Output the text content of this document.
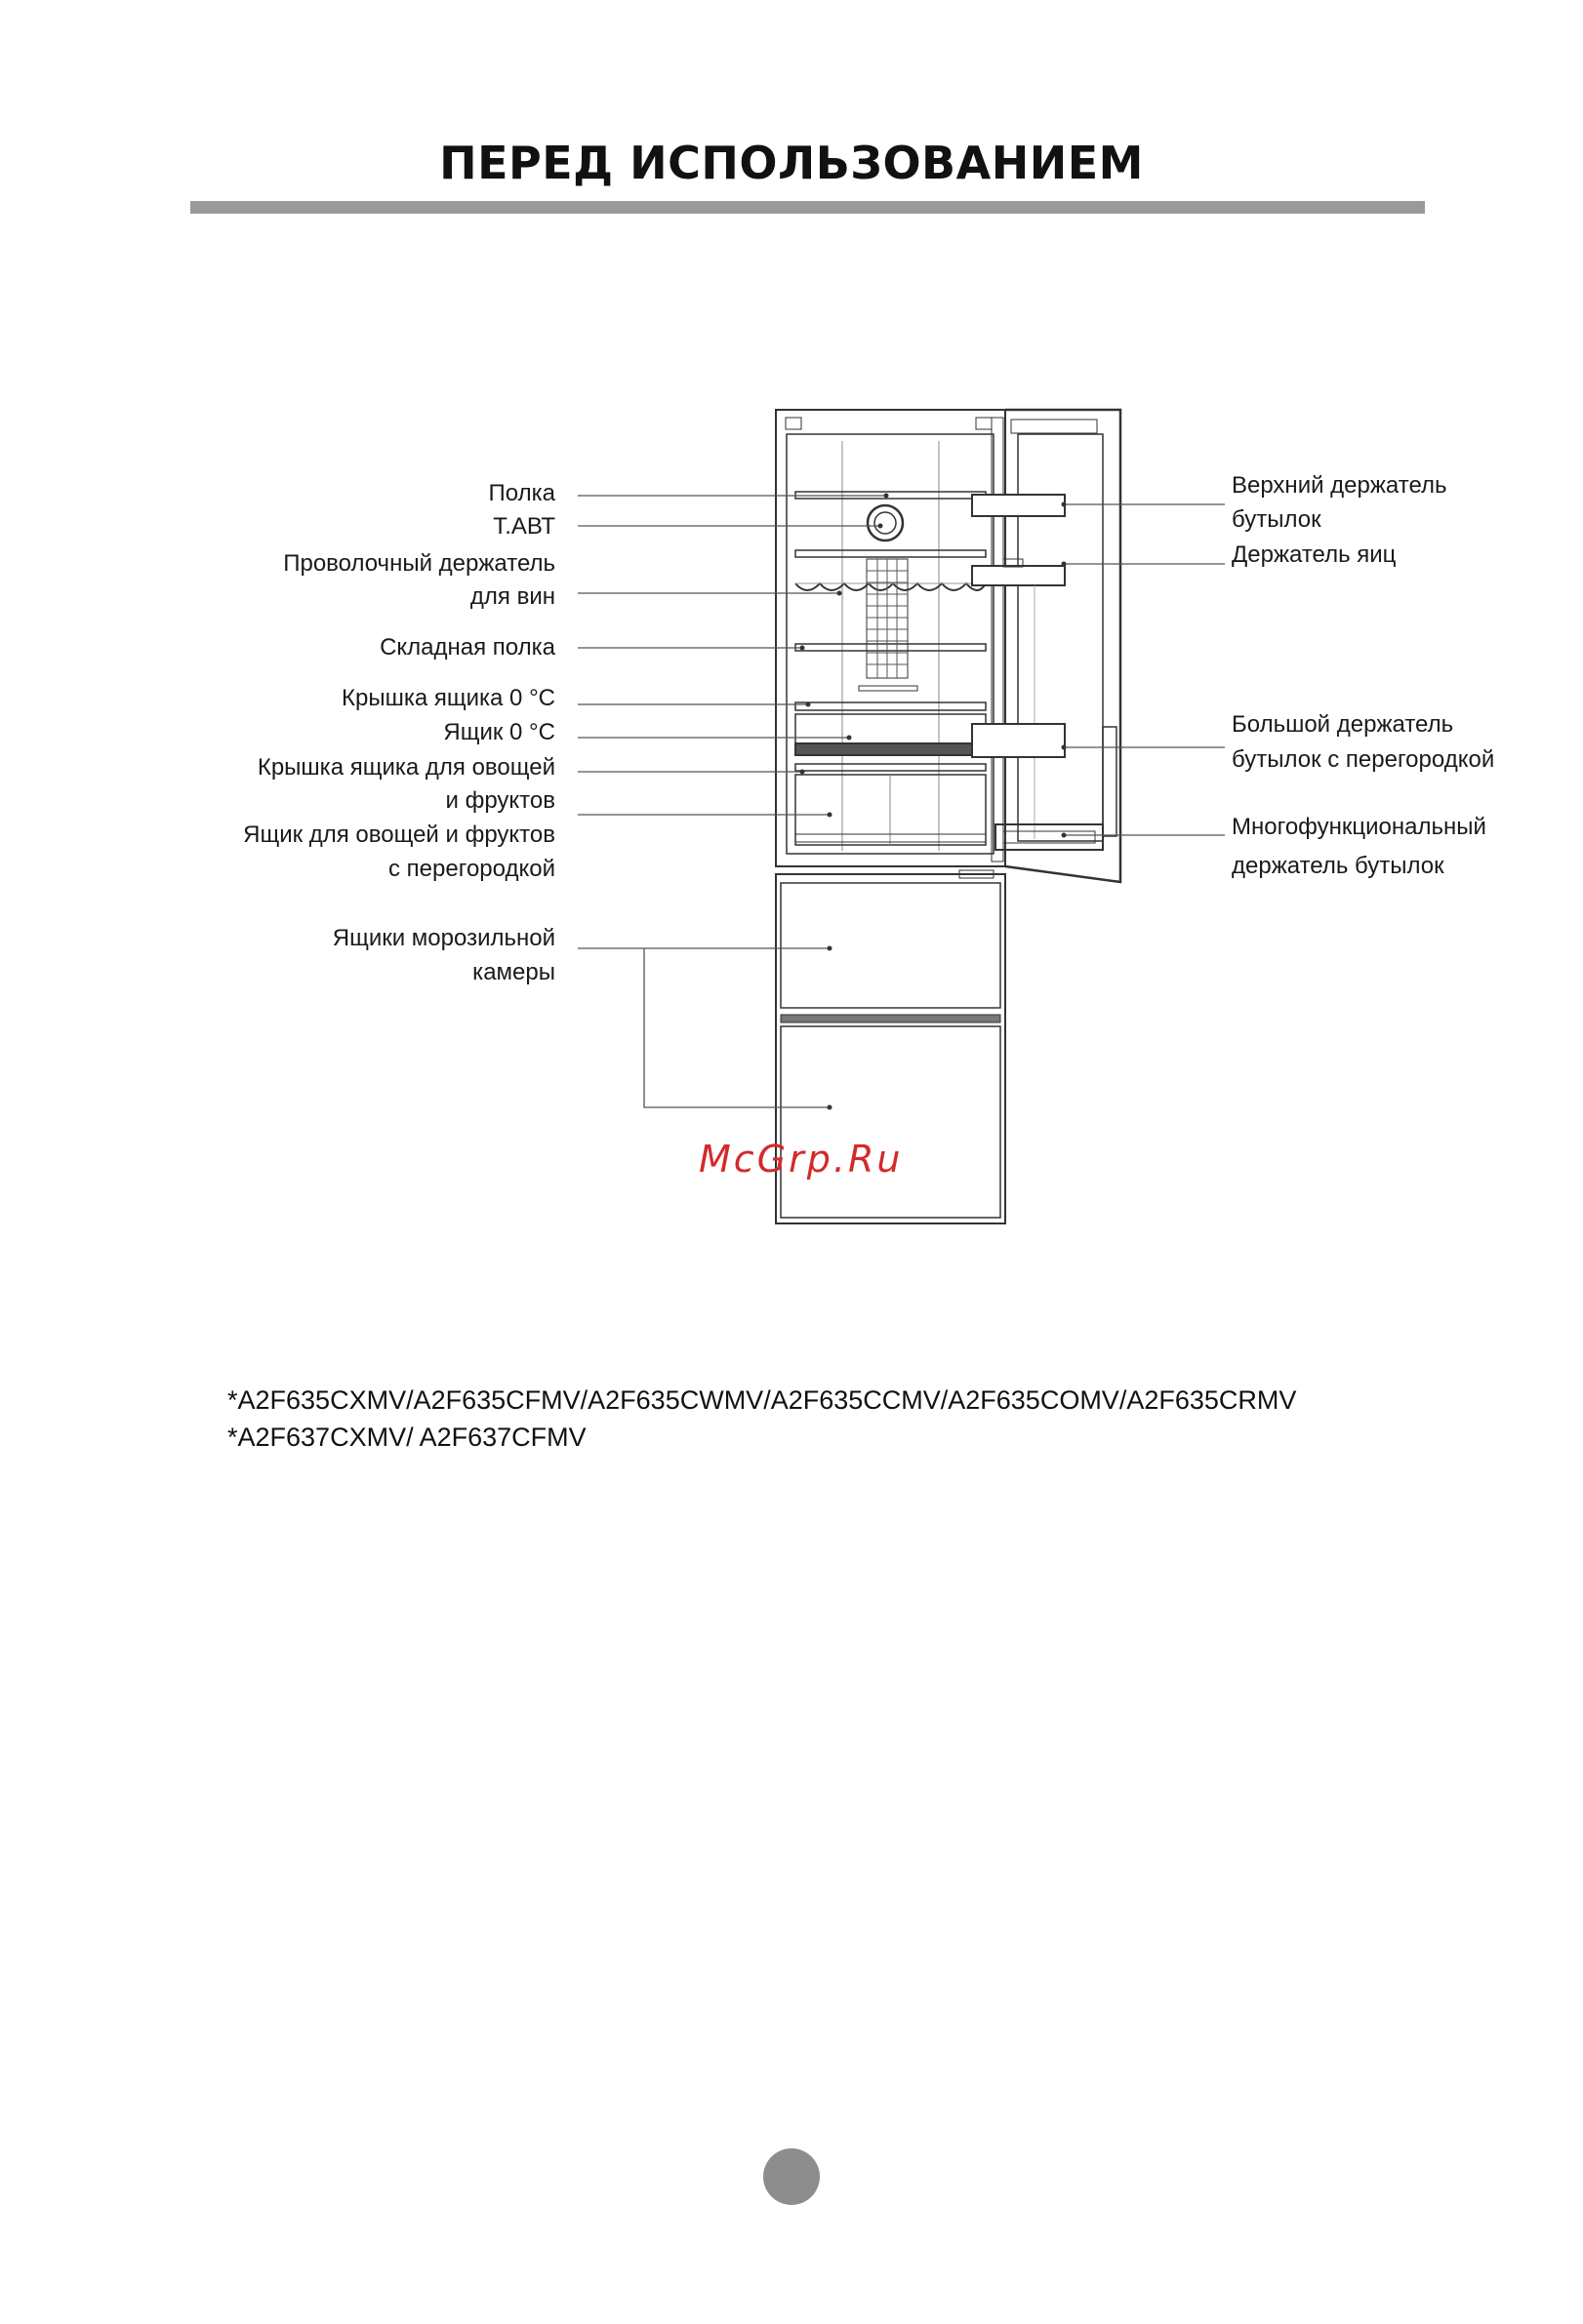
ПЕРЕД ИСПОЛЬЗОВАНИЕМ
Полка
Т.АВТ
Проволочный держатель
для вин
Складная полка
Крышка ящика 0 °С
Ящик 0 °С
Крышка ящика для овощей
и фруктов
Ящик для овощей и фруктов
с перегородкой
Ящики морозильной
камеры
Верхний держатель
бутылок
Держатель яиц
Большой держатель
бутылок с перегородкой
Многофункциональный
держатель бутылок
McGrp.Ru
*A2F635CXMV/A2F635CFMV/A2F635CWMV/A2F635CCMV/A2F635COMV/A2F635CRMV
*A2F637CXMV/ A2F637CFMV
